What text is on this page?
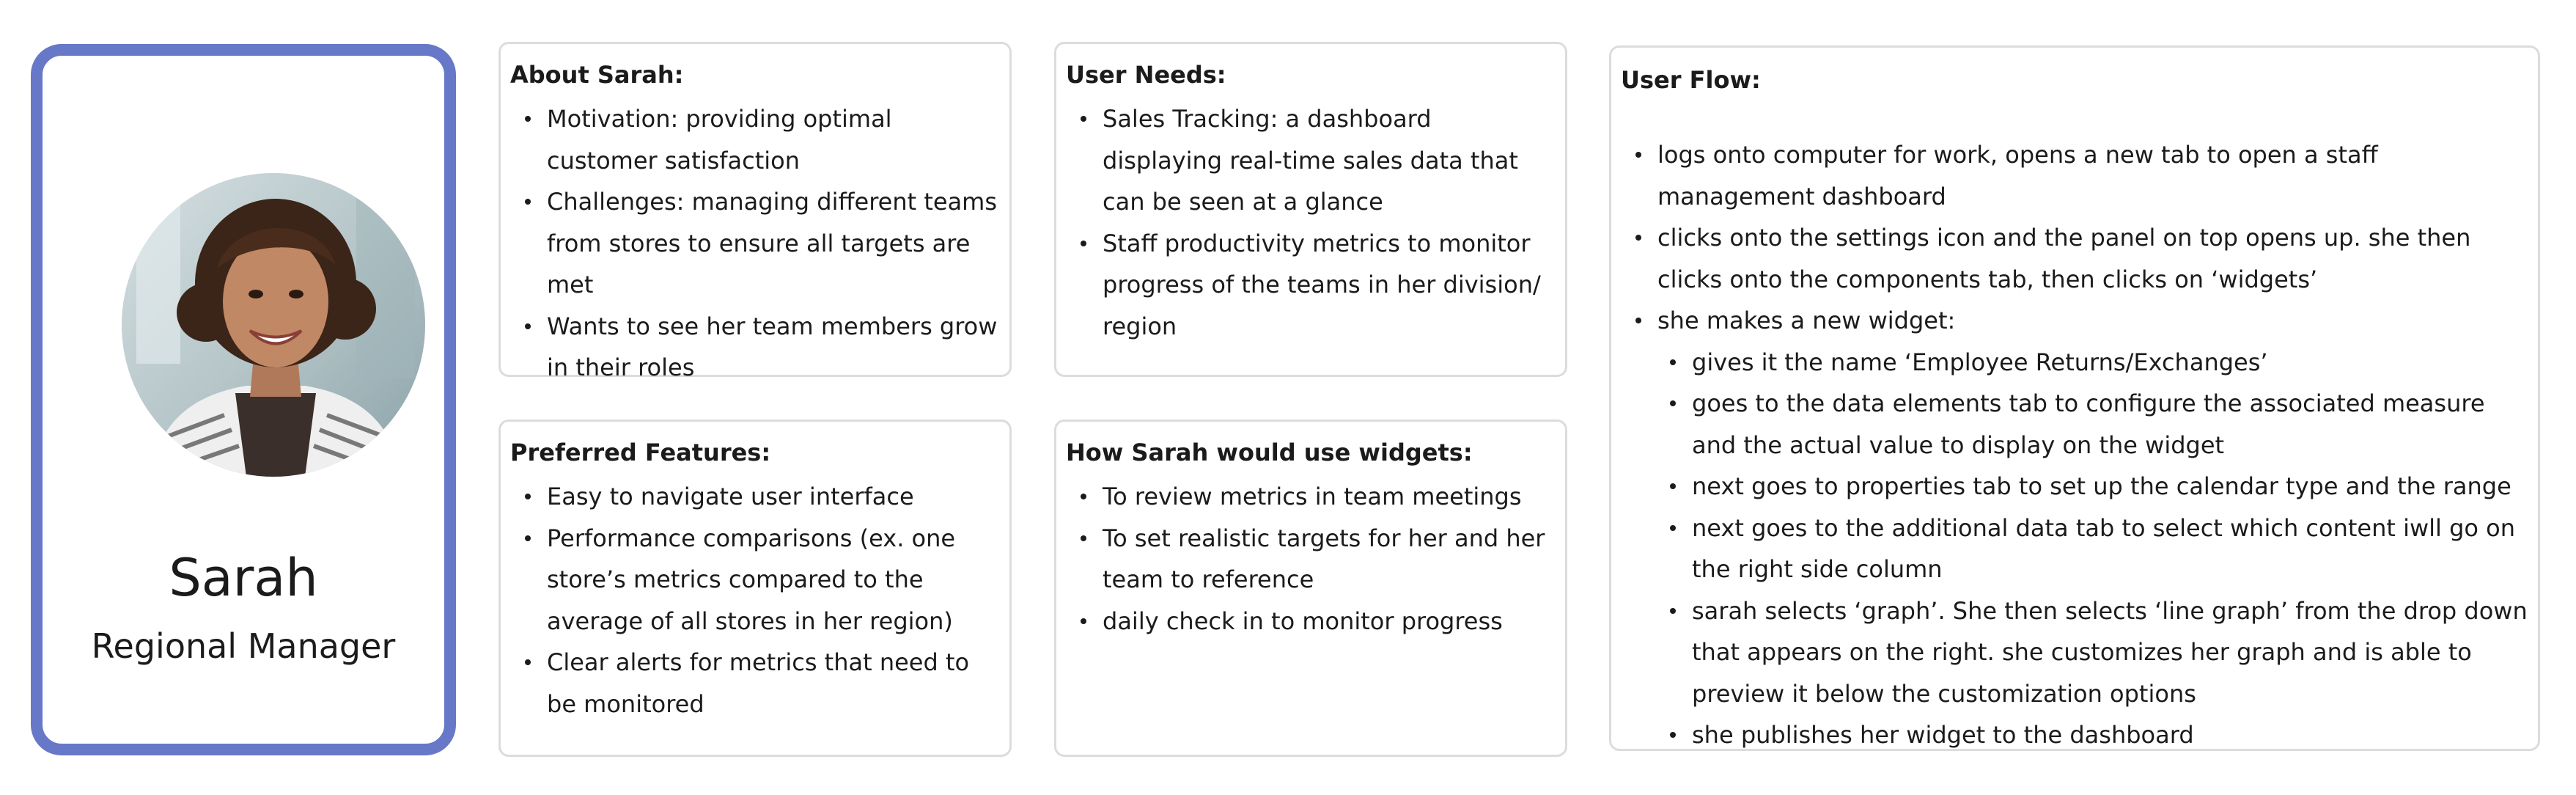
Sarah
Regional Manager
About Sarah:
Motivation: providing optimal customer satisfaction
Challenges: managing different teams from stores to ensure all targets are met
Wants to see her team members grow in their roles
User Needs:
Sales Tracking: a dashboard displaying real-time sales data that can be seen at a glance
Staff productivity metrics to monitor progress of the teams in her division/ region
Preferred Features:
Easy to navigate user interface
Performance comparisons (ex. one store’s metrics compared to the average of all stores in her region)
Clear alerts for metrics that need to be monitored
How Sarah would use widgets:
To review metrics in team meetings
To set realistic targets for her and her team to reference
daily check in to monitor progress
User Flow:
logs onto computer for work, opens a new tab to open a staff management dashboard
clicks onto the settings icon and the panel on top opens up. she then clicks onto the components tab, then clicks on ‘widgets’
she makes a new widget:
gives it the name ‘Employee Returns/Exchanges’
goes to the data elements tab to configure the associated measure and the actual value to display on the widget
next goes to properties tab to set up the calendar type and the range
next goes to the additional data tab to select which content iwll go on the right side column
sarah selects ‘graph’. She then selects ‘line graph’ from the drop down that appears on the right. she customizes her graph and is able to preview it below the customization options
she publishes her widget to the dashboard
